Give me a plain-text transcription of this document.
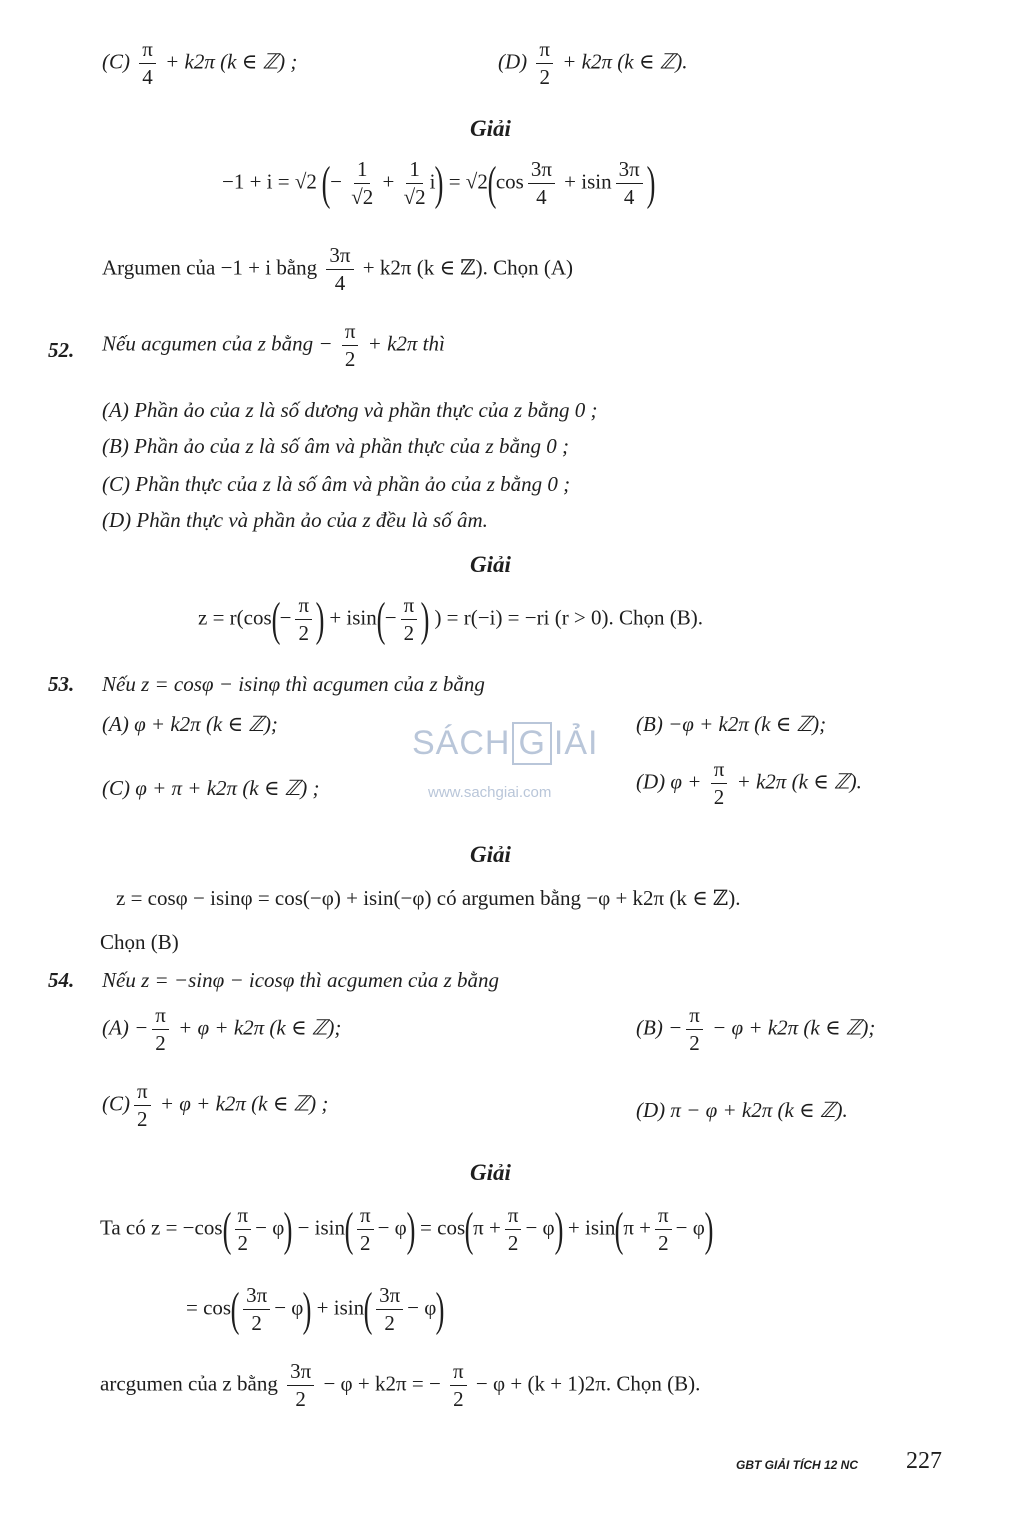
$(C) \frac{\pi}{4} + k2\pi$ (k ∈ ℤ) ;	$(D) \frac{\pi}{2} + k2\pi$ (k ∈ ℤ).
Giải
−1 + i = √2 (− $\frac{1}{√2} + \frac{1}{√2} i) = √2(\cos \frac{3\pi}{4} + isin \frac{3\pi}{4}$ )
Argumen của −1 + i bằng $\frac{3\pi}{4} + k2\pi$ (k ∈ ℤ). Chọn (A)
52. Nếu acgumen của z bằng − $\frac{\pi}{2} + k2\pi$ thì
(A) Phần ảo của z là số dương và phần thực của z bằng 0 ;
(B) Phần ảo của z là số âm và phần thực của z bằng 0 ;
(C) Phần thực của z là số âm và phần ảo của z bằng 0 ;
(D) Phần thực và phần ảo của z đều là số âm.
Giải
$z = r(\cos(- \frac{\pi}{2}$ ) + $isin(- \frac{\pi}{2}$ ) ) = r(−i) = −ri (r > 0). Chọn (B).
53. Nếu z = cosφ − isinφ thì acgumen của z bằng
(A) φ + k2π (k ∈ ℤ);	(B) −φ + k2π (k ∈ ℤ);
(C) φ + π + k2π (k ∈ ℤ) ;	(D) $\varphi + \frac{\pi}{2} + k2\pi$ (k ∈ ℤ).
SÁCH G IẢI
www.sachgiai.com
Giải
z = cosφ − isinφ = cos(−φ) + isin(−φ) có argumen bằng −φ + k2π (k ∈ ℤ).
Chọn (B)
54. Nếu z = −sinφ − icosφ thì acgumen của z bằng
$(A) - \frac{\pi}{2} + \varphi + k2\pi$ (k ∈ ℤ);	$(B) - \frac{\pi}{2} - \varphi + k2\pi$ (k ∈ ℤ);
$(C) \frac{\pi}{2} + \varphi + k2\pi$ (k ∈ ℤ) ;	(D) π − φ + k2π (k ∈ ℤ).
Giải
Ta có $z = -\cos( \frac{\pi}{2} - \varphi) - isin( \frac{\pi}{2} - \varphi) = \cos(\pi + \frac{\pi}{2} - \varphi) + isin(\pi + \frac{\pi}{2} - \varphi)$
= $\cos( \frac{3\pi}{2} - \varphi) + isin( \frac{3\pi}{2} - \varphi)$
arcgumen của z bằng $\frac{3\pi}{2} - \varphi + k2\pi$ = − $\frac{\pi}{2} - \varphi + (k + 1)2\pi$. Chọn (B).
GBT GIẢI TÍCH 12 NC 227
